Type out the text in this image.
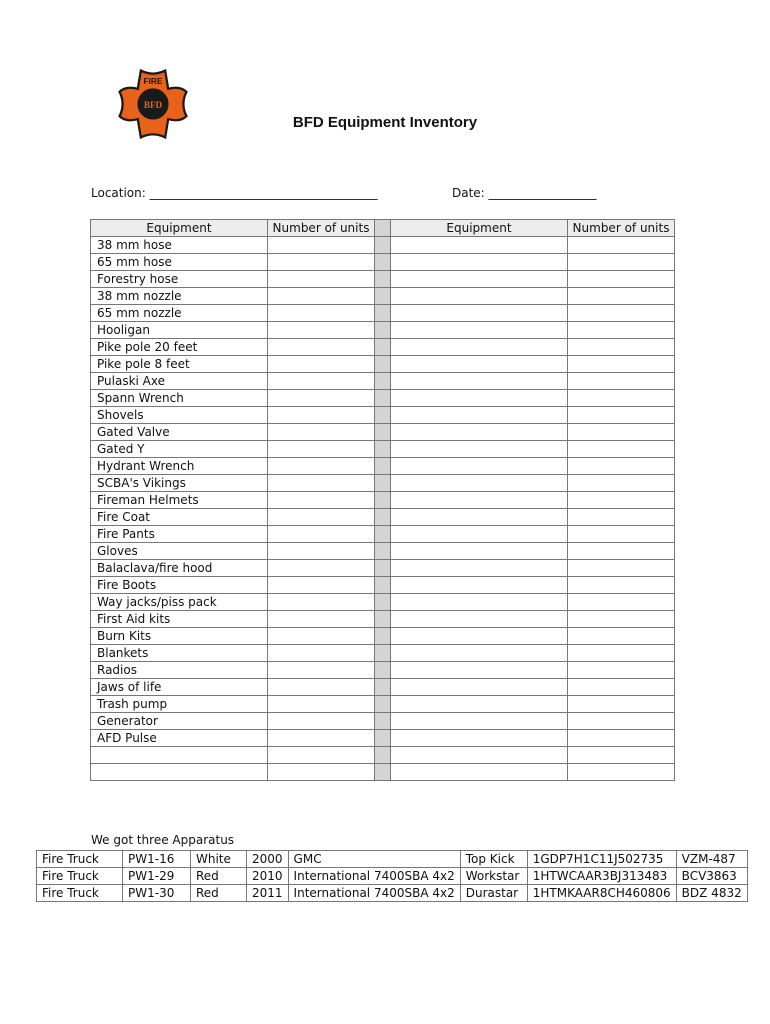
FIRE
BFD
BFD Equipment Inventory
Location: ______________________________________	Date: __________________
Equipment	Number of units		Equipment	Number of units
38 mm hose				
65 mm hose				
Forestry hose				
38 mm nozzle				
65 mm nozzle				
Hooligan				
Pike pole 20 feet				
Pike pole 8 feet				
Pulaski Axe				
Spann Wrench				
Shovels				
Gated Valve				
Gated Y				
Hydrant Wrench				
SCBA's Vikings				
Fireman Helmets				
Fire Coat				
Fire Pants				
Gloves				
Balaclava/fire hood				
Fire Boots				
Way jacks/piss pack				
First Aid kits				
Burn Kits				
Blankets				
Radios				
Jaws of life				
Trash pump				
Generator				
AFD Pulse				

We got three Apparatus
Fire Truck	PW1-16	White	2000	GMC	Top Kick	1GDP7H1C11J502735	VZM-487
Fire Truck	PW1-29	Red	2010	International 7400SBA 4x2	Workstar	1HTWCAAR3BJ313483	BCV3863
Fire Truck	PW1-30	Red	2011	International 7400SBA 4x2	Durastar	1HTMKAAR8CH460806	BDZ 4832
